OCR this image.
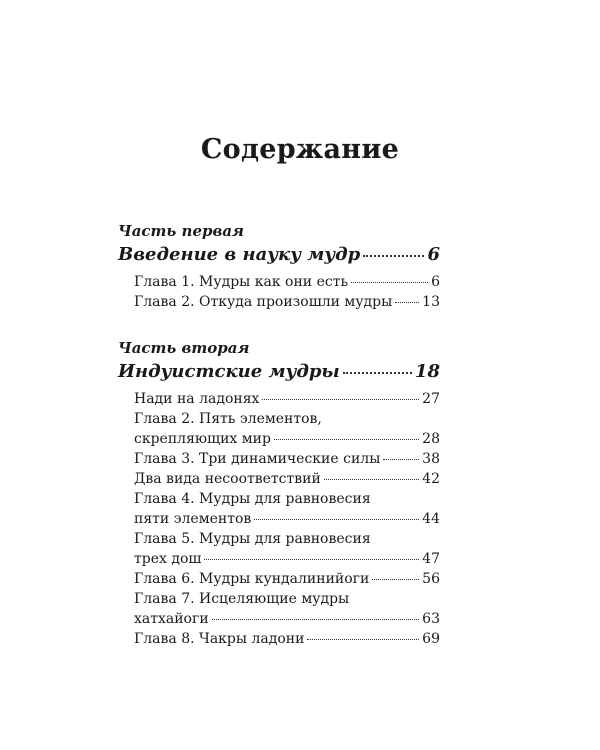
Содержание
Часть первая
Введение в науку мудр	6
Глава 1. Мудры как они есть	6
Глава 2. Откуда произошли мудры 13
Часть вторая
Индуистские мудры	18
Нади на ладонях	27
Глава 2. Пять элементов,
скрепляющих мир	28
Глава 3. Три динамические силы	38
Два вида несоответствий	42
Глава 4. Мудры для равновесия
пяти элементов	44
Глава 5. Мудры для равновесия
трех дош	47
Глава 6. Мудры кундалинийоги	56
Глава 7. Исцеляющие мудры
хатхайоги	63
Глава 8. Чакры ладони	69
